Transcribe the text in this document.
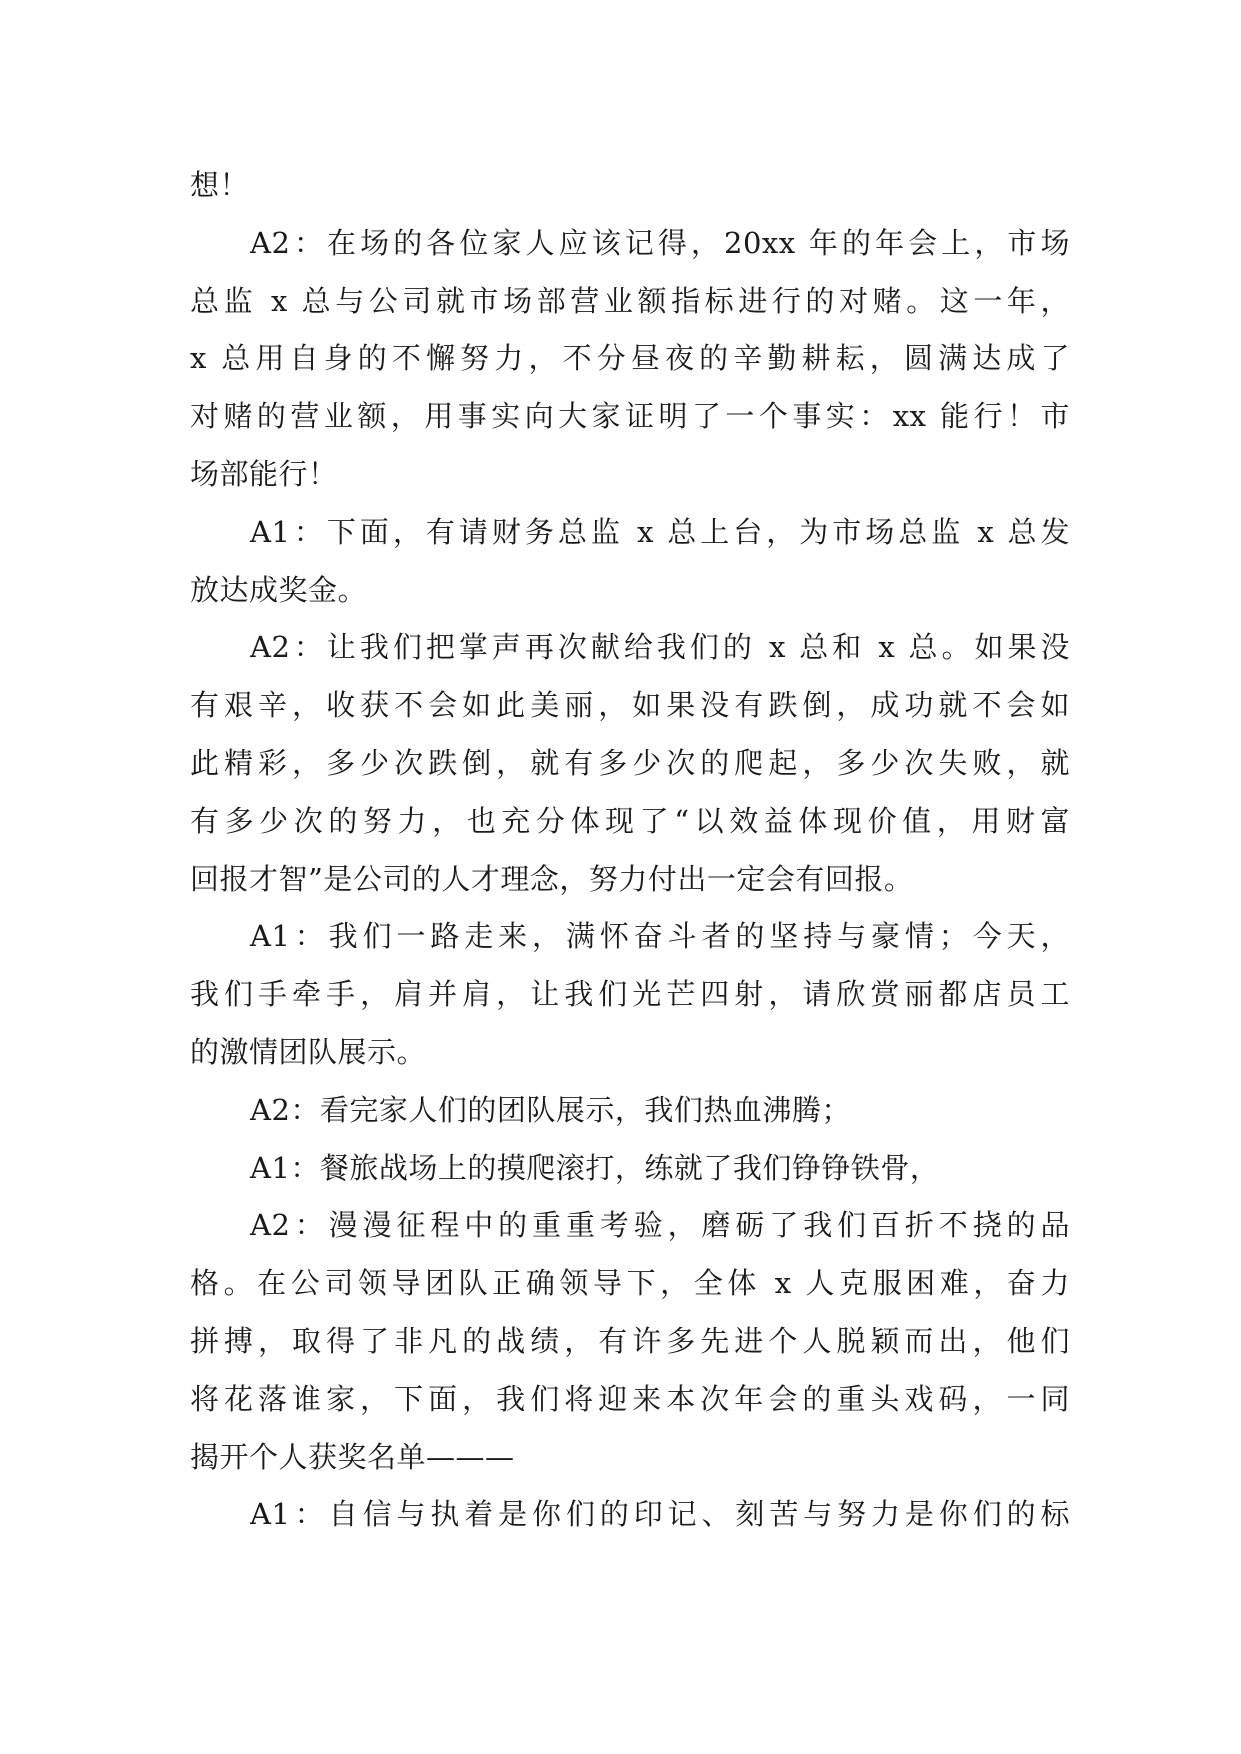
想！
A2：在场的各位家人应该记得，20xx 年的年会上，市场
总监 x 总与公司就市场部营业额指标进行的对赌。这一年，
x 总用自身的不懈努力，不分昼夜的辛勤耕耘，圆满达成了
对赌的营业额，用事实向大家证明了一个事实：xx 能行！市
场部能行！
A1：下面，有请财务总监 x 总上台，为市场总监 x 总发
放达成奖金。
A2：让我们把掌声再次献给我们的 x 总和 x 总。如果没
有艰辛，收获不会如此美丽，如果没有跌倒，成功就不会如
此精彩，多少次跌倒，就有多少次的爬起，多少次失败，就
有多少次的努力，也充分体现了“以效益体现价值，用财富
回报才智”是公司的人才理念，努力付出一定会有回报。
A1：我们一路走来，满怀奋斗者的坚持与豪情；今天，
我们手牵手，肩并肩，让我们光芒四射，请欣赏丽都店员工
的激情团队展示。
A2：看完家人们的团队展示，我们热血沸腾；
A1：餐旅战场上的摸爬滚打，练就了我们铮铮铁骨，
A2：漫漫征程中的重重考验，磨砺了我们百折不挠的品
格。在公司领导团队正确领导下，全体 x 人克服困难，奋力
拼搏，取得了非凡的战绩，有许多先进个人脱颖而出，他们
将花落谁家，下面，我们将迎来本次年会的重头戏码，一同
揭开个人获奖名单———
A1：自信与执着是你们的印记、刻苦与努力是你们的标
